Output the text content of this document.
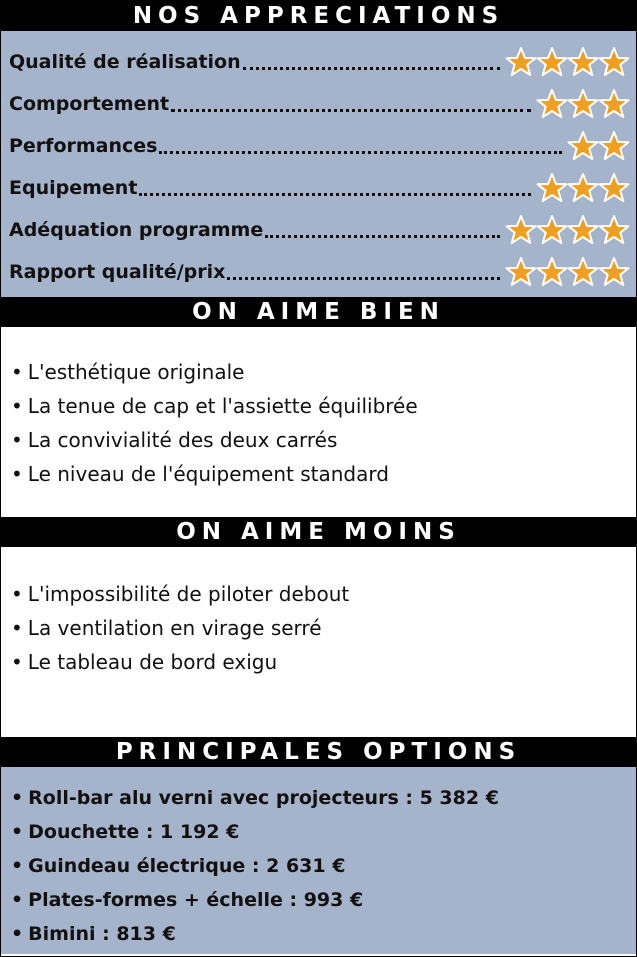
NOS APPRECIATIONS
Qualité de réalisation
Comportement
Performances
Equipement
Adéquation programme
Rapport qualité/prix
ON AIME BIEN
• L'esthétique originale
• La tenue de cap et l'assiette équilibrée
• La convivialité des deux carrés
• Le niveau de l'équipement standard
ON AIME MOINS
• L'impossibilité de piloter debout
• La ventilation en virage serré
• Le tableau de bord exigu
PRINCIPALES OPTIONS
• Roll-bar alu verni avec projecteurs : 5 382 €
• Douchette : 1 192 €
• Guindeau électrique : 2 631 €
• Plates-formes + échelle : 993 €
• Bimini : 813 €
